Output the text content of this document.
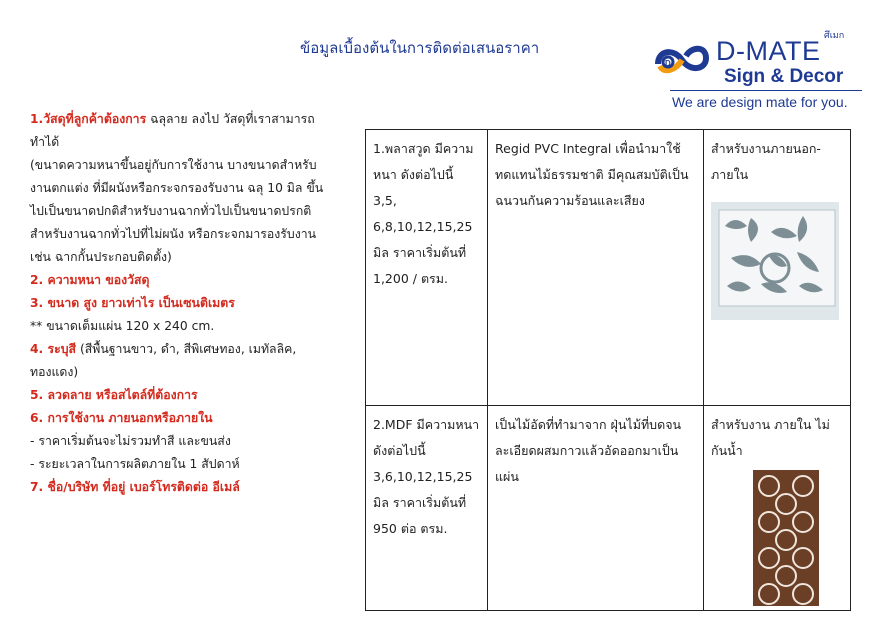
ข้อมูลเบื้องต้นในการติดต่อเสนอราคา
D
ศึเมก
D-MATE
Sign & Decor
We are design mate for you.

1.วัสดุที่ลูกค้าต้องการ ฉลุลาย ลงไป วัสดุที่เราสามารถทำได้

(ขนาดความหนาขึ้นอยู่กับการใช้งาน บางขนาดสำหรับงานตกแต่ง ที่มีผนังหรือกระจกรองรับงาน ฉลุ 10 มิล ขึ้นไปเป็นขนาดปกติสำหรับงานฉากทั่วไปเป็นขนาดปรกติสำหรับงานฉากทั่วไปที่ไม่ผนัง หรือกระจกมารองรับงาน เช่น ฉากกั้นประกอบติดตั้ง)

2. ความหนา ของวัสดุ

3. ขนาด สูง ยาวเท่าไร เป็นเซนติเมตร

** ขนาดเต็มแผ่น 120 x 240 cm.

4. ระบุสี (สีพื้นฐานขาว, ดำ, สีพิเศษทอง, เมทัลลิค, ทองแดง)

5. ลวดลาย หรือสไตล์ที่ต้องการ

6. การใช้งาน ภายนอกหรือภายใน

- ราคาเริ่มต้นจะไม่รวมทำสี และขนส่ง

- ระยะเวลาในการผลิตภายใน 1 สัปดาห์

7. ชื่อ/บริษัท ที่อยู่ เบอร์โทรติดต่อ อีเมล์

1.พลาสวูด มีความหนา ดังต่อไปนี้ 3,5, 6,8,10,12,15,25 มิล ราคาเริ่มต้นที่ 1,200 / ตรม.	Regid PVC Integral เพื่อนำมาใช้ทดแทนไม้ธรรมชาติ มีคุณสมบัติเป็นฉนวนกันความร้อนและเสียง	สำหรับงานภายนอก-ภายใน

2.MDF มีความหนาดังต่อไปนี้ 3,6,10,12,15,25 มิล ราคาเริ่มต้นที่ 950 ต่อ ตรม.	เป็นไม้อัดที่ทำมาจาก ฝุ่นไม้ที่บดจนละเอียดผสมกาวแล้วอัดออกมาเป็นแผ่น	สำหรับงาน ภายใน ไม่กันน้ำ
